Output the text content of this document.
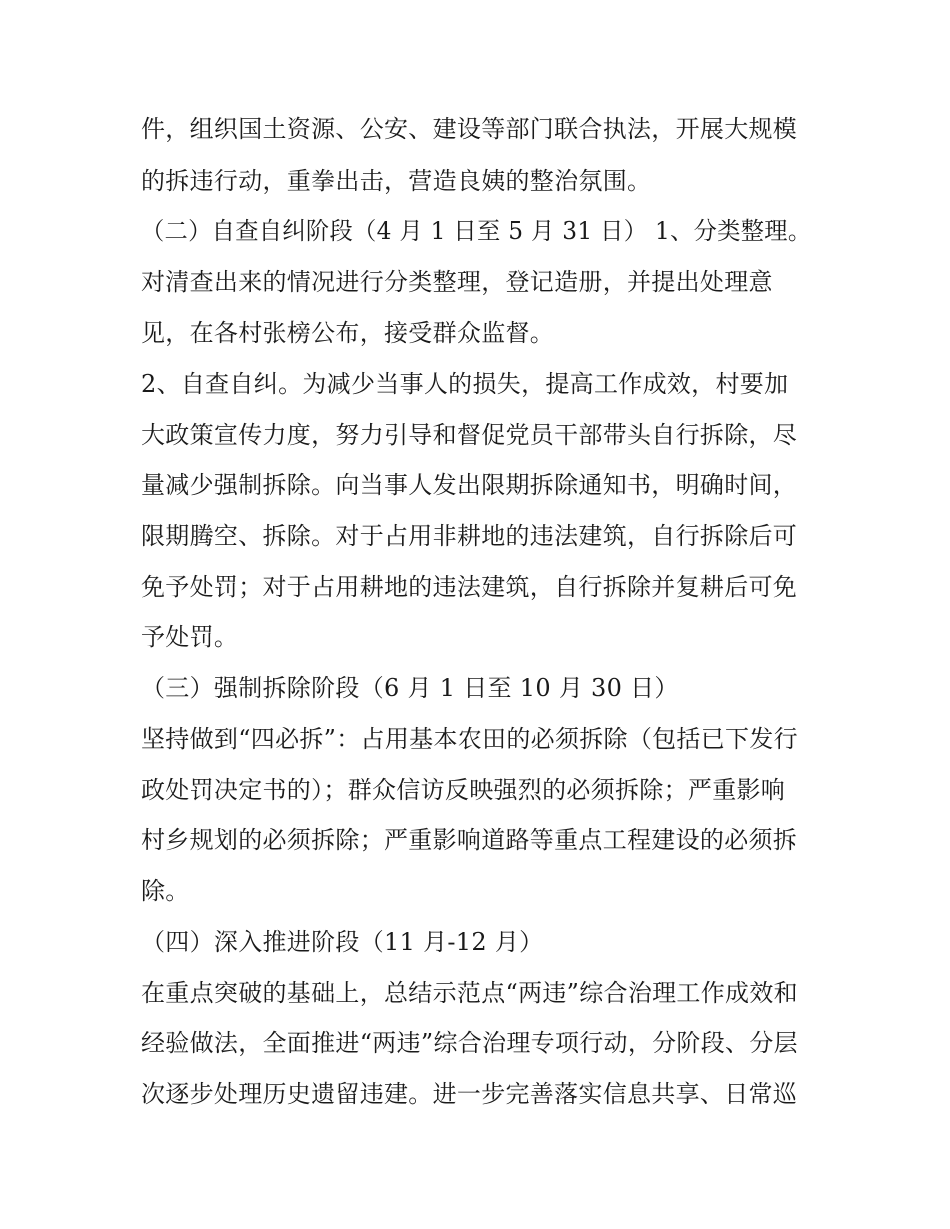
件，组织国土资源、公安、建设等部门联合执法，开展大规模
的拆违行动，重拳出击，营造良姨的整治氛围。
（二）自查自纠阶段（4 月 1 日至 5 月 31 日） 1、分类整理。
对清查出来的情况进行分类整理，登记造册，并提出处理意
见，在各村张榜公布，接受群众监督。
2、自查自纠。为减少当事人的损失，提高工作成效，村要加
大政策宣传力度，努力引导和督促党员干部带头自行拆除，尽
量减少强制拆除。向当事人发出限期拆除通知书，明确时间，
限期腾空、拆除。对于占用非耕地的违法建筑，自行拆除后可
免予处罚；对于占用耕地的违法建筑，自行拆除并复耕后可免
予处罚。
（三）强制拆除阶段（6 月 1 日至 10 月 30 日）
坚持做到“四必拆”：占用基本农田的必须拆除（包括已下发行
政处罚决定书的）；群众信访反映强烈的必须拆除；严重影响
村乡规划的必须拆除；严重影响道路等重点工程建设的必须拆
除。
（四）深入推进阶段（11 月-12 月）
在重点突破的基础上，总结示范点“两违”综合治理工作成效和
经验做法，全面推进“两违”综合治理专项行动，分阶段、分层
次逐步处理历史遗留违建。进一步完善落实信息共享、日常巡
